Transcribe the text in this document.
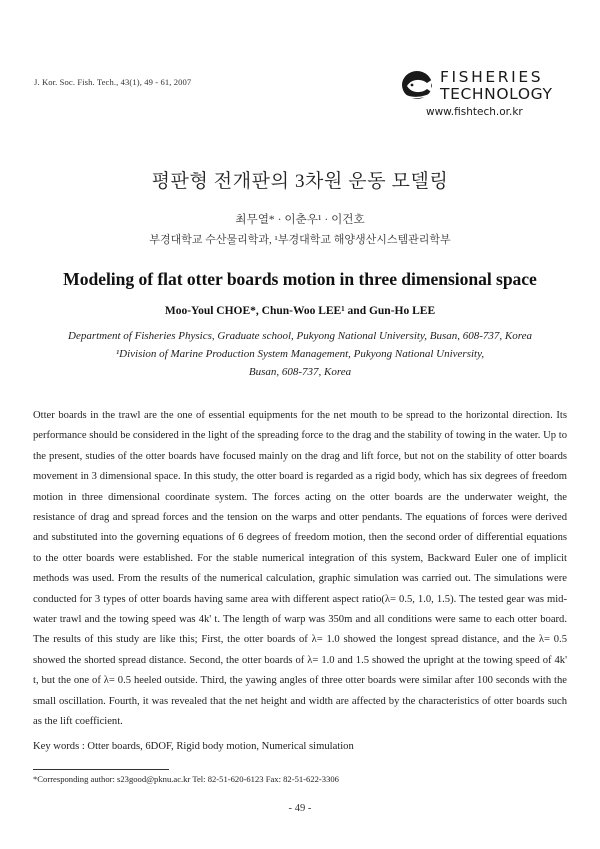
J. Kor. Soc. Fish. Tech., 43(1), 49 - 61, 2007	FISHERIES
TECHNOLOGY
www.fishtech.or.kr
평판형 전개판의 3차원 운동 모델링
최무열* · 이춘우¹ · 이건호
부경대학교 수산물리학과, ¹부경대학교 해양생산시스템관리학부
Modeling of flat otter boards motion in three dimensional space
Moo-Youl CHOE*, Chun-Woo LEE¹ and Gun-Ho LEE
Department of Fisheries Physics, Graduate school, Pukyong National University, Busan, 608-737, Korea
¹Division of Marine Production System Management, Pukyong National University,
Busan, 608-737, Korea

Otter boards in the trawl are the one of essential equipments for the net mouth to be spread to the horizontal direction. Its performance should be considered in the light of the spreading force to the drag and the stability of towing in the water. Up to the present, studies of the otter boards have focused mainly on the drag and lift force, but not on the stability of otter boards movement in 3 dimensional space. In this study, the otter board is regarded as a rigid body, which has six degrees of freedom motion in three dimensional coordinate system. The forces acting on the otter boards are the underwater weight, the resistance of drag and spread forces and the tension on the warps and otter pendants. The equations of forces were derived and substituted into the governing equations of 6 degrees of freedom motion, then the second order of differential equations to the otter boards were established. For the stable numerical integration of this system, Backward Euler one of implicit methods was used. From the results of the numerical calculation, graphic simulation was carried out. The simulations were conducted for 3 types of otter boards having same area with different aspect ratio(λ= 0.5, 1.0, 1.5). The tested gear was mid-water trawl and the towing speed was 4k' t. The length of warp was 350m and all conditions were same to each otter board. The results of this study are like this; First, the otter boards of λ= 1.0 showed the longest spread distance, and the λ= 0.5 showed the shorted spread distance. Second, the otter boards of λ= 1.0 and 1.5 showed the upright at the towing speed of 4k' t, but the one of λ= 0.5 heeled outside. Third, the yawing angles of three otter boards were similar after 100 seconds with the small oscillation. Fourth, it was revealed that the net height and width are affected by the characteristics of otter boards such as the lift coefficient.

Key words : Otter boards, 6DOF, Rigid body motion, Numerical simulation
*Corresponding author: s23good@pknu.ac.kr Tel: 82-51-620-6123 Fax: 82-51-622-3306
- 49 -
